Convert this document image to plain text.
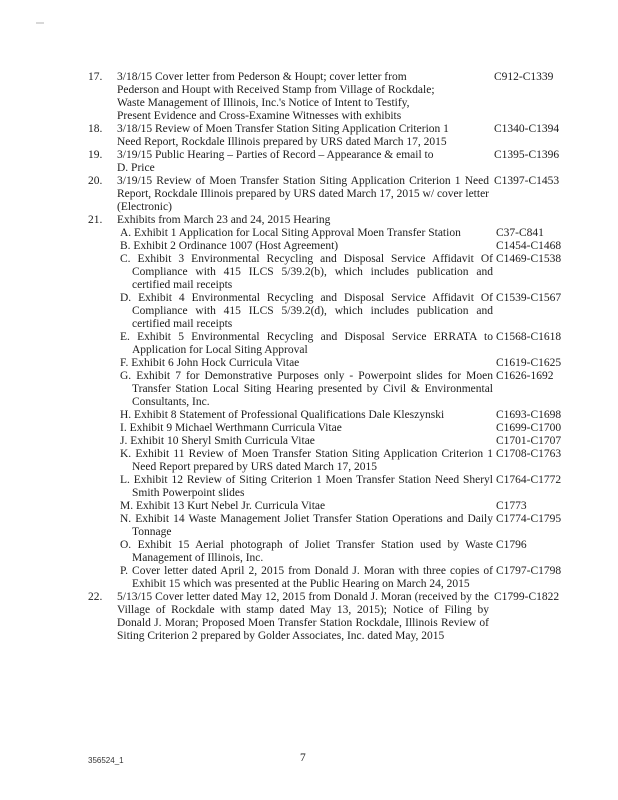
17. 3/18/15 Cover letter from Pederson & Houpt; cover letter from
Pederson and Houpt with Received Stamp from Village of Rockdale;
Waste Management of Illinois, Inc.'s Notice of Intent to Testify,
Present Evidence and Cross-Examine Witnesses with exhibits
C912-C1339
18. 3/18/15 Review of Moen Transfer Station Siting Application Criterion 1
Need Report, Rockdale Illinois prepared by URS dated March 17, 2015
C1340-C1394
19. 3/19/15 Public Hearing – Parties of Record – Appearance & email to
D. Price
C1395-C1396
20. 3/19/15 Review of Moen Transfer Station Siting Application Criterion 1 Need Report, Rockdale Illinois prepared by URS dated March 17, 2015 w/ cover letter (Electronic)
C1397-C1453
21. Exhibits from March 23 and 24, 2015 Hearing
A. Exhibit 1 Application for Local Siting Approval Moen Transfer Station	C37-C841
B. Exhibit 2 Ordinance 1007 (Host Agreement)	C1454-C1468
C. Exhibit 3 Environmental Recycling and Disposal Service Affidavit Of Compliance with 415 ILCS 5/39.2(b), which includes publication and certified mail receipts
C1469-C1538
D. Exhibit 4 Environmental Recycling and Disposal Service Affidavit Of Compliance with 415 ILCS 5/39.2(d), which includes publication and certified mail receipts
C1539-C1567
E. Exhibit 5 Environmental Recycling and Disposal Service ERRATA to Application for Local Siting Approval
C1568-C1618
F. Exhibit 6 John Hock Curricula Vitae	C1619-C1625
G. Exhibit 7 for Demonstrative Purposes only - Powerpoint slides for Moen Transfer Station Local Siting Hearing presented by Civil & Environmental Consultants, Inc.
C1626-1692
H. Exhibit 8 Statement of Professional Qualifications Dale Kleszynski	C1693-C1698
I. Exhibit 9 Michael Werthmann Curricula Vitae	C1699-C1700
J. Exhibit 10 Sheryl Smith Curricula Vitae	C1701-C1707
K. Exhibit 11 Review of Moen Transfer Station Siting Application Criterion 1 Need Report prepared by URS dated March 17, 2015
C1708-C1763
L. Exhibit 12 Review of Siting Criterion 1 Moen Transfer Station Need Sheryl Smith Powerpoint slides
C1764-C1772
M. Exhibit 13 Kurt Nebel Jr. Curricula Vitae	C1773
N. Exhibit 14 Waste Management Joliet Transfer Station Operations and Daily Tonnage
C1774-C1795
O. Exhibit 15 Aerial photograph of Joliet Transfer Station used by Waste Management of Illinois, Inc.
C1796
P. Cover letter dated April 2, 2015 from Donald J. Moran with three copies of Exhibit 15 which was presented at the Public Hearing on March 24, 2015
C1797-C1798
22. 5/13/15 Cover letter dated May 12, 2015 from Donald J. Moran (received by the Village of Rockdale with stamp dated May 13, 2015); Notice of Filing by Donald J. Moran; Proposed Moen Transfer Station Rockdale, Illinois Review of Siting Criterion 2 prepared by Golder Associates, Inc. dated May, 2015
C1799-C1822
356524_1	7
